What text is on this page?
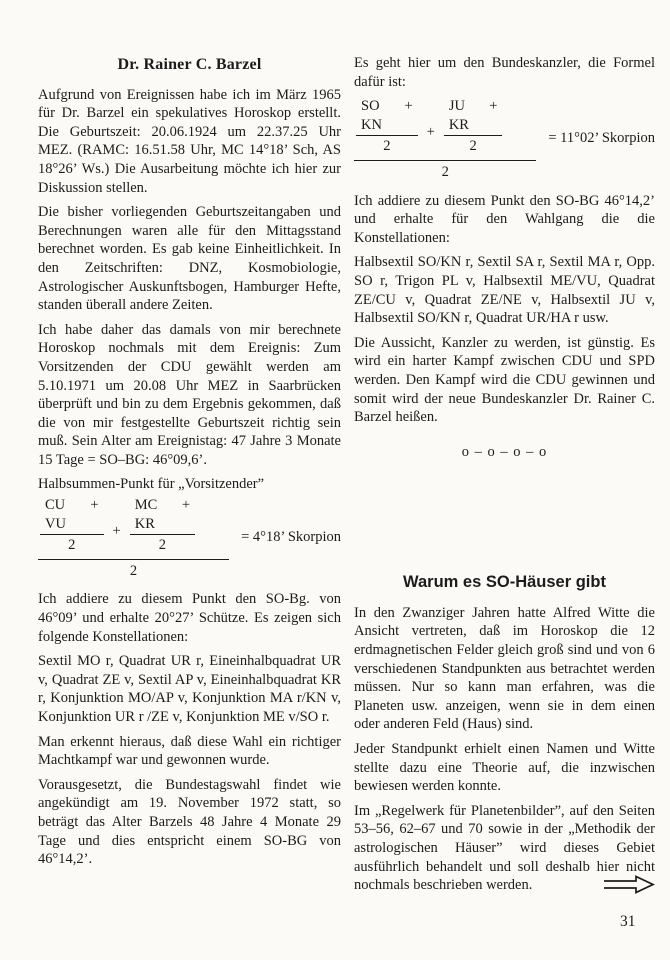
Dr. Rainer C. Barzel

Aufgrund von Ereignissen habe ich im März 1965 für Dr. Barzel ein spekulatives Horoskop erstellt. Die Geburtszeit: 20.06.1924 um 22.37.25 Uhr MEZ. (RAMC: 16.51.58 Uhr, MC 14°18’ Sch, AS 18°26’ Ws.) Die Ausarbeitung möchte ich hier zur Diskussion stellen.

Die bisher vorliegenden Geburtszeitangaben und Berechnungen waren alle für den Mittagsstand berechnet worden. Es gab keine Einheitlichkeit. In den Zeitschriften: DNZ, Kosmobiologie, Astrologischer Auskunftsbogen, Hamburger Hefte, standen überall andere Zeiten.

Ich habe daher das damals von mir berechnete Horoskop nochmals mit dem Ereignis: Zum Vorsitzenden der CDU gewählt werden am 5.10.1971 um 20.08 Uhr MEZ in Saarbrücken überprüft und bin zu dem Ergebnis gekommen, daß die von mir festgestellte Geburtszeit richtig sein muß. Sein Alter am Ereignistag: 47 Jahre 3 Monate 15 Tage = SO–BG: 46°09,6’.

Halbsummen-Punkt für „Vorsitzender”

$\frac{CU + VU}{2} + \frac{MC + KR}{2}$
2
= 4°18’ Skorpion

Ich addiere zu diesem Punkt den SO-Bg. von 46°09’ und erhalte 20°27’ Schütze. Es zeigen sich folgende Konstellationen:

Sextil MO r, Quadrat UR r, Eineinhalbquadrat UR v, Quadrat ZE v, Sextil AP v, Eineinhalbquadrat KR r, Konjunktion MO/AP v, Konjunktion MA r/KN v, Konjunktion UR r /ZE v, Konjunktion ME v/SO r.

Man erkennt hieraus, daß diese Wahl ein richtiger Machtkampf war und gewonnen wurde.

Vorausgesetzt, die Bundestagswahl findet wie angekündigt am 19. November 1972 statt, so beträgt das Alter Barzels 48 Jahre 4 Monate 29 Tage und dies entspricht einem SO-BG von 46°14,2’.

Es geht hier um den Bundeskanzler, die Formel dafür ist:

$\frac{SO + KN}{2} + \frac{JU + KR}{2}$
2
= 11°02’ Skorpion

Ich addiere zu diesem Punkt den SO-BG 46°14,2’ und erhalte für den Wahlgang die die Konstellationen:

Halbsextil SO/KN r, Sextil SA r, Sextil MA r, Opp. SO r, Trigon PL v, Halbsextil ME/VU, Quadrat ZE/CU v, Quadrat ZE/NE v, Halbsextil JU v, Halbsextil SO/KN r, Quadrat UR/HA r usw.

Die Aussicht, Kanzler zu werden, ist günstig. Es wird ein harter Kampf zwischen CDU und SPD werden. Den Kampf wird die CDU gewinnen und somit wird der neue Bundeskanzler Dr. Rainer C. Barzel heißen.

o – o – o – o
Warum es SO-Häuser gibt

In den Zwanziger Jahren hatte Alfred Witte die Ansicht vertreten, daß im Horoskop die 12 erdmagnetischen Felder gleich groß sind und von 6 verschiedenen Standpunkten aus betrachtet werden müssen. Nur so kann man erfahren, was die Planeten usw. anzeigen, wenn sie in dem einen oder anderen Feld (Haus) sind.

Jeder Standpunkt erhielt einen Namen und Witte stellte dazu eine Theorie auf, die inzwischen bewiesen werden konnte.

Im „Regelwerk für Planetenbilder”, auf den Seiten 53–56, 62–67 und 70 sowie in der „Methodik der astrologischen Häuser” wird dieses Gebiet ausführlich behandelt und soll deshalb hier nicht nochmals beschrieben werden.

31
